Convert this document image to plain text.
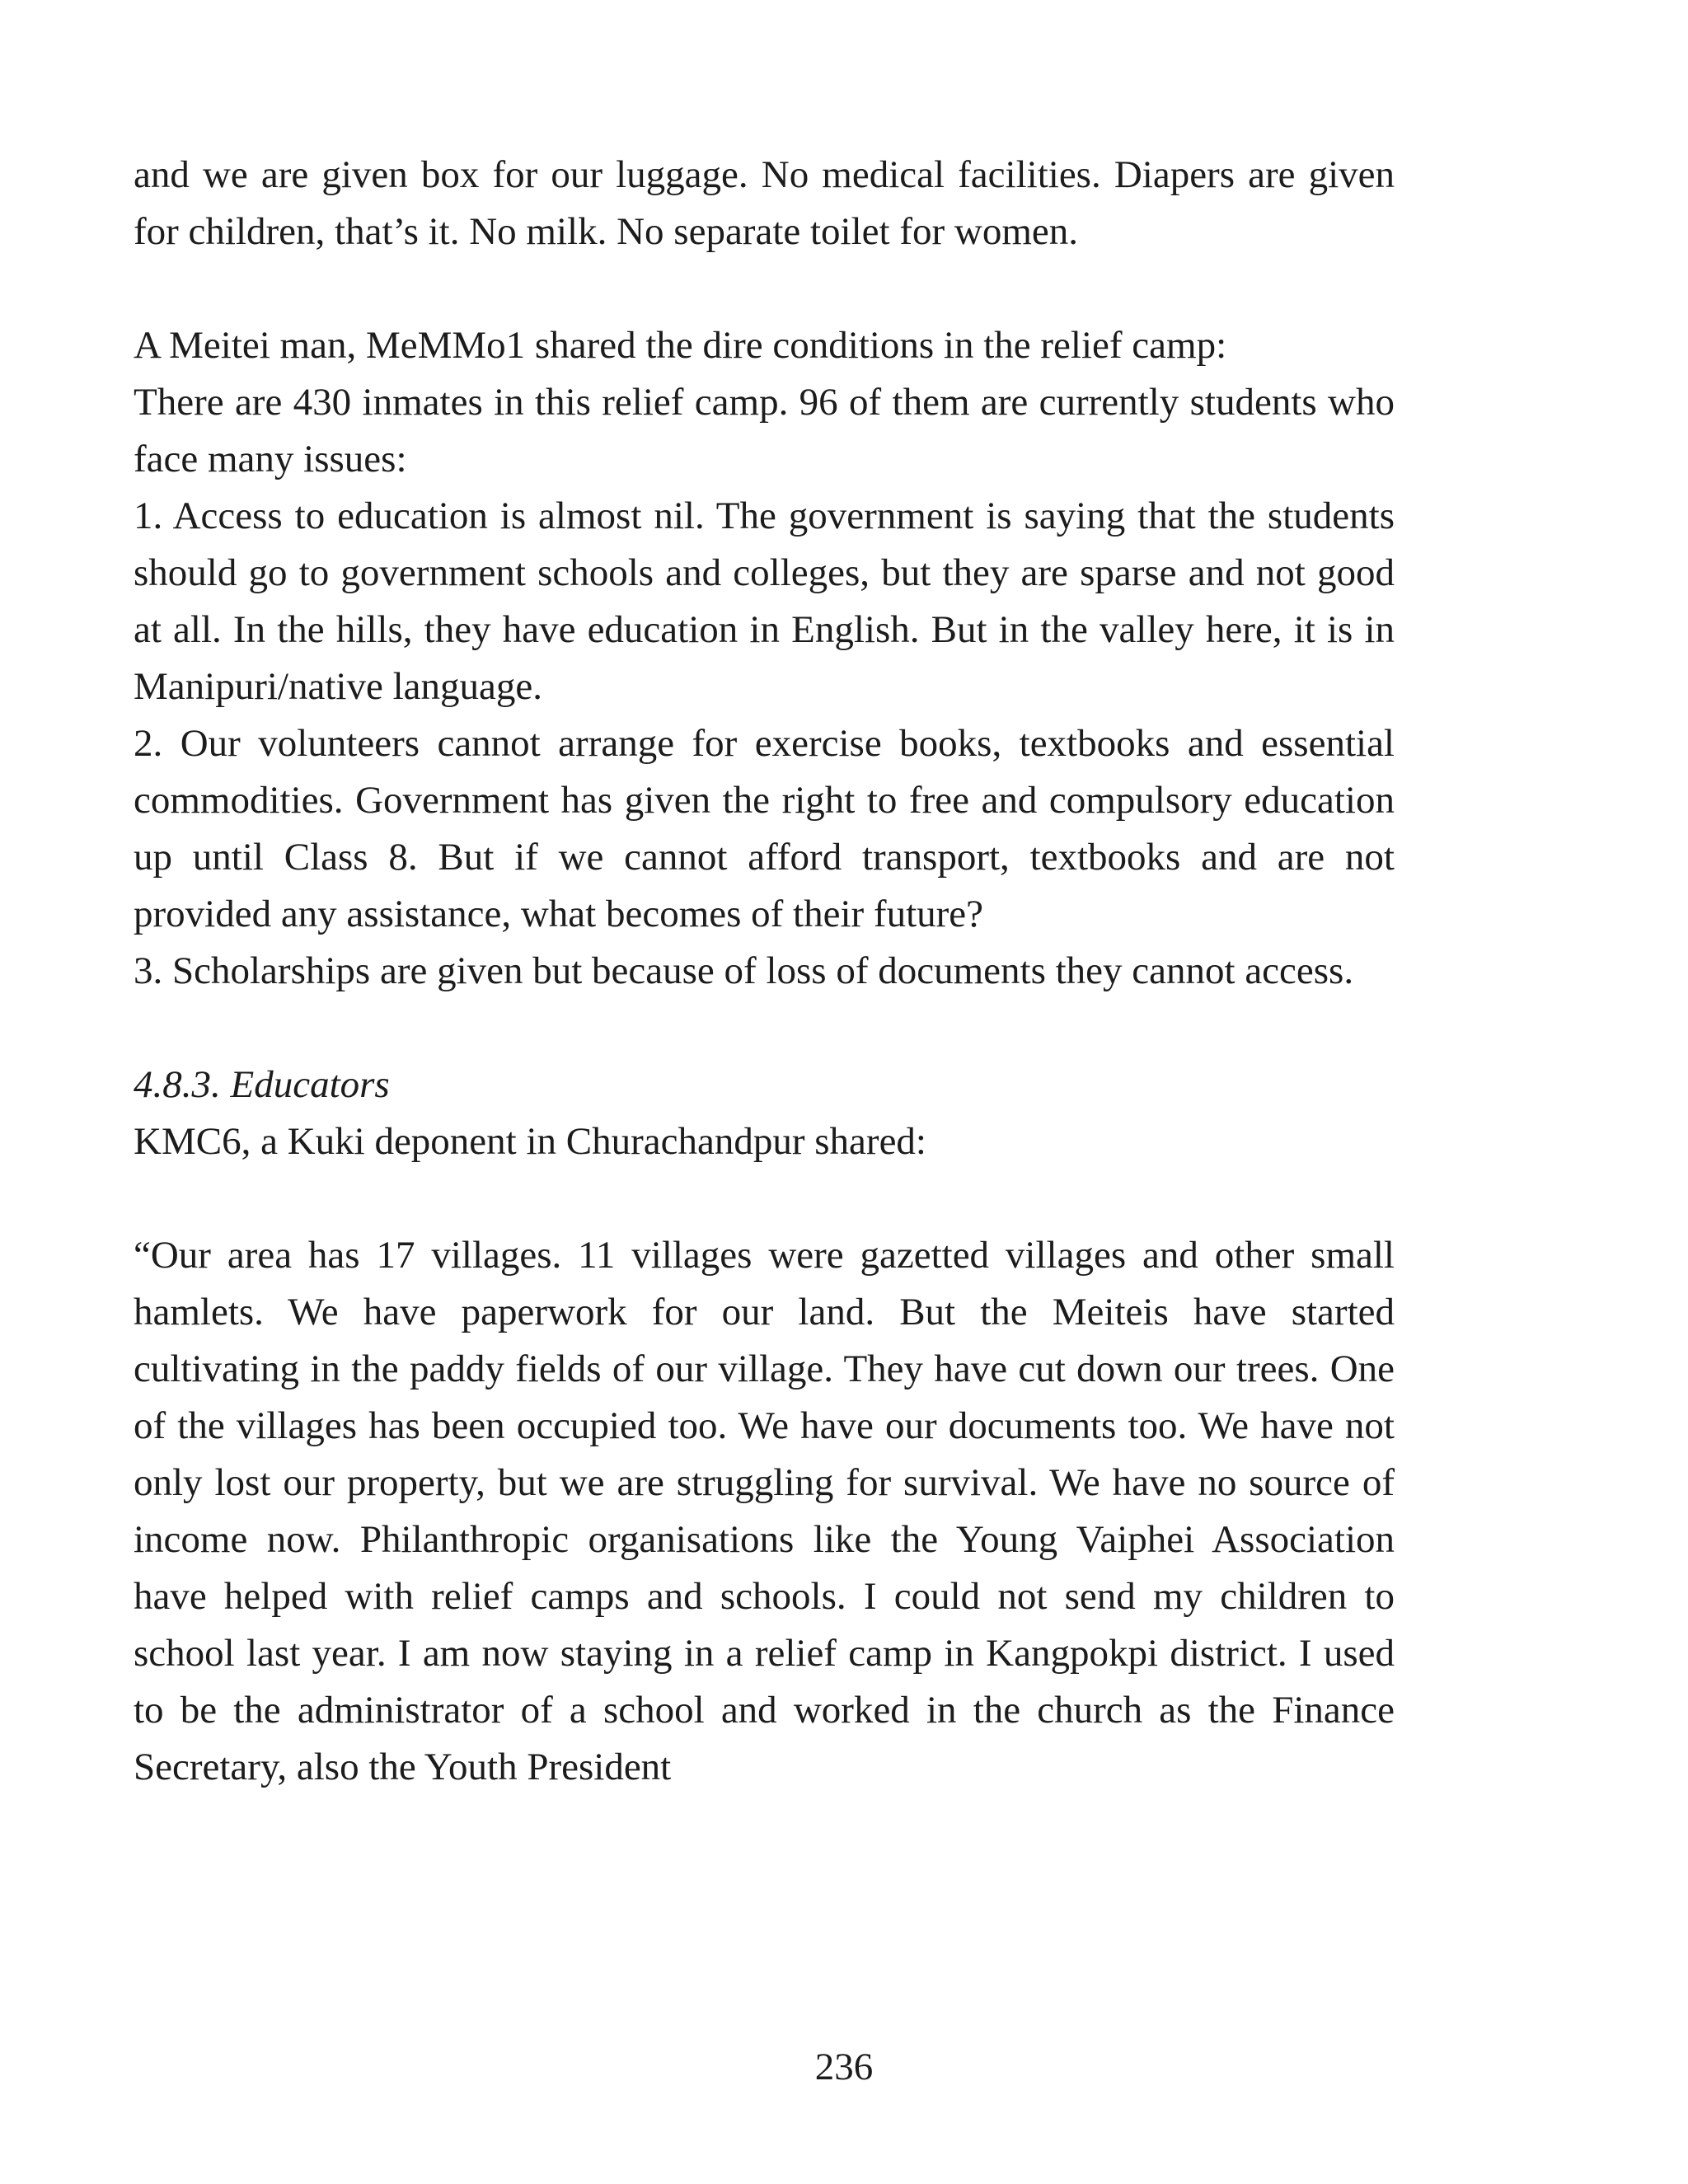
and we are given box for our luggage. No medical facilities. Diapers are given for children, that’s it. No milk. No separate toilet for women.

A Meitei man, MeMMo1 shared the dire conditions in the relief camp:

There are 430 inmates in this relief camp. 96 of them are currently students who face many issues:

1. Access to education is almost nil. The government is saying that the students should go to government schools and colleges, but they are sparse and not good at all. In the hills, they have education in English. But in the valley here, it is in Manipuri/native language.

2. Our volunteers cannot arrange for exercise books, textbooks and essential commodities. Government has given the right to free and compulsory education up until Class 8. But if we cannot afford transport, textbooks and are not provided any assistance, what becomes of their future?

3. Scholarships are given but because of loss of documents they cannot access.

4.8.3. Educators

KMC6, a Kuki deponent in Churachandpur shared:

“Our area has 17 villages. 11 villages were gazetted villages and other small hamlets. We have paperwork for our land. But the Meiteis have started cultivating in the paddy fields of our village. They have cut down our trees. One of the villages has been occupied too. We have our documents too. We have not only lost our property, but we are struggling for survival. We have no source of income now. Philanthropic organisations like the Young Vaiphei Association have helped with relief camps and schools. I could not send my children to school last year. I am now staying in a relief camp in Kangpokpi district. I used to be the administrator of a school and worked in the church as the Finance Secretary, also the Youth President

236
